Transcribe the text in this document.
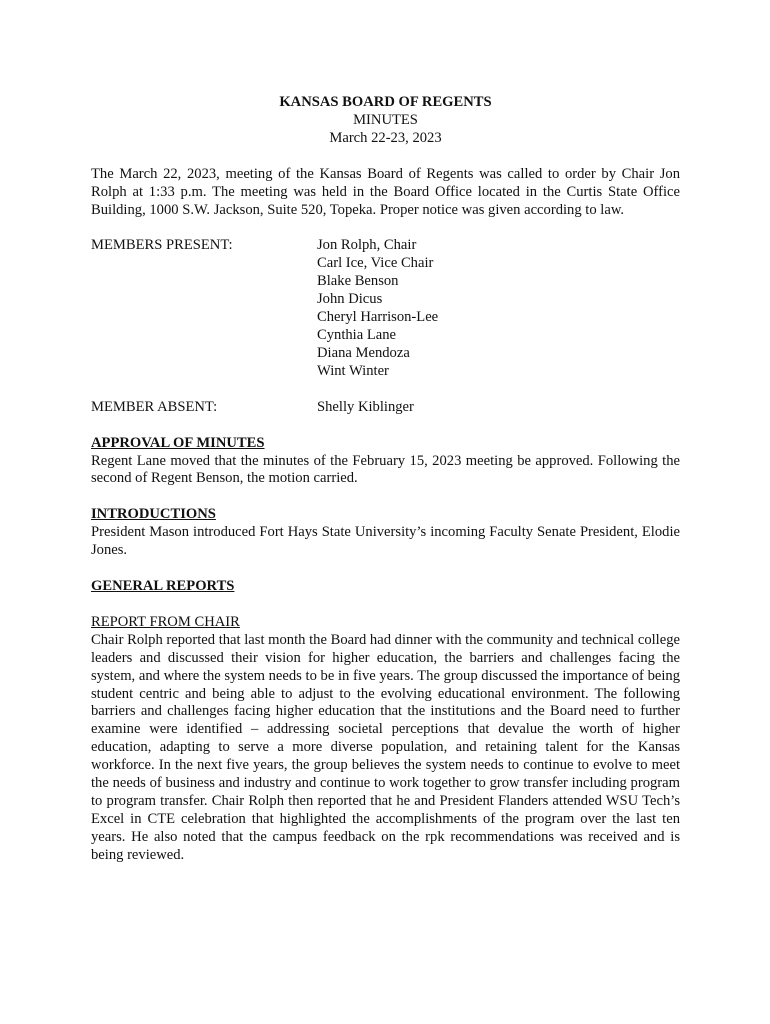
KANSAS BOARD OF REGENTS
MINUTES
March 22-23, 2023

The March 22, 2023, meeting of the Kansas Board of Regents was called to order by Chair Jon Rolph at 1:33 p.m. The meeting was held in the Board Office located in the Curtis State Office Building, 1000 S.W. Jackson, Suite 520, Topeka. Proper notice was given according to law.

MEMBERS PRESENT:	Jon Rolph, Chair
Carl Ice, Vice Chair
Blake Benson
John Dicus
Cheryl Harrison-Lee
Cynthia Lane
Diana Mendoza
Wint Winter
MEMBER ABSENT:	Shelly Kiblinger

APPROVAL OF MINUTES

Regent Lane moved that the minutes of the February 15, 2023 meeting be approved. Following the second of Regent Benson, the motion carried.

INTRODUCTIONS

President Mason introduced Fort Hays State University’s incoming Faculty Senate President, Elodie Jones.

GENERAL REPORTS

REPORT FROM CHAIR

Chair Rolph reported that last month the Board had dinner with the community and technical college leaders and discussed their vision for higher education, the barriers and challenges facing the system, and where the system needs to be in five years. The group discussed the importance of being student centric and being able to adjust to the evolving educational environment. The following barriers and challenges facing higher education that the institutions and the Board need to further examine were identified – addressing societal perceptions that devalue the worth of higher education, adapting to serve a more diverse population, and retaining talent for the Kansas workforce. In the next five years, the group believes the system needs to continue to evolve to meet the needs of business and industry and continue to work together to grow transfer including program to program transfer. Chair Rolph then reported that he and President Flanders attended WSU Tech’s Excel in CTE celebration that highlighted the accomplishments of the program over the last ten years. He also noted that the campus feedback on the rpk recommendations was received and is being reviewed.
